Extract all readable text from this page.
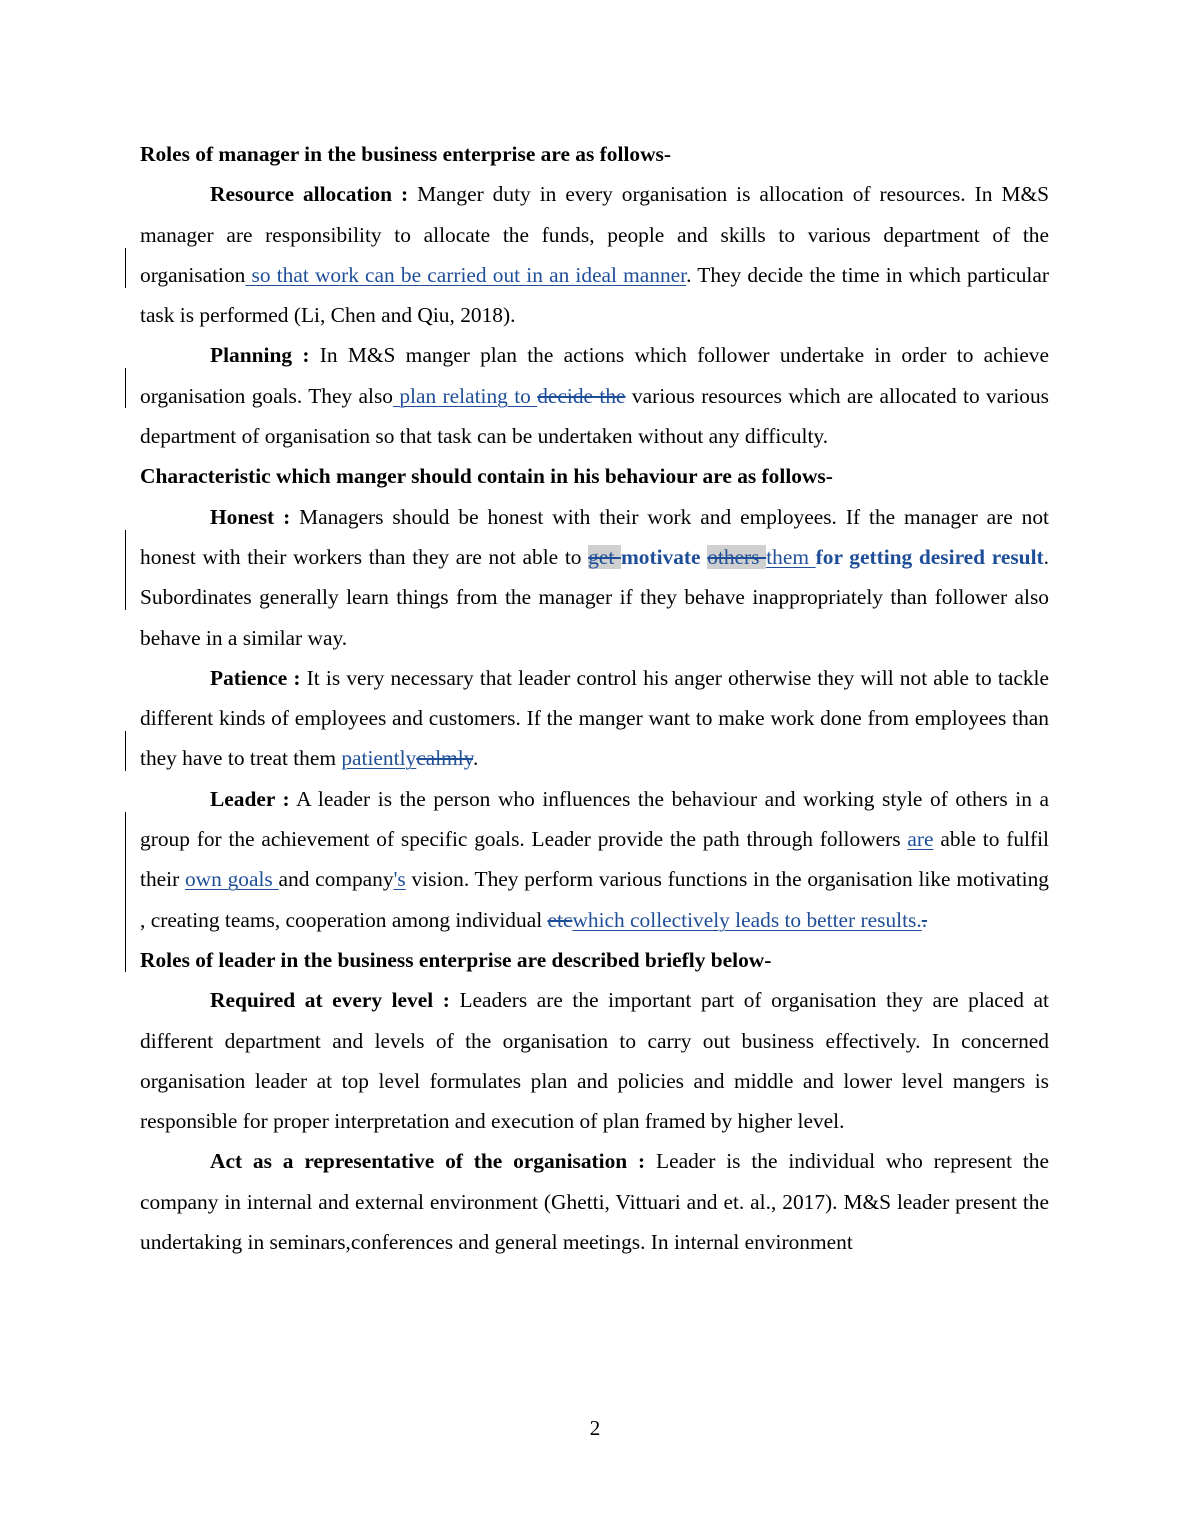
Roles of manager in the business enterprise are as follows-

Resource allocation : Manger duty in every organisation is allocation of resources. In M&S manager are responsibility to allocate the funds, people and skills to various department of the organisation so that work can be carried out in an ideal manner. They decide the time in which particular task is performed (Li, Chen and Qiu, 2018).

Planning : In M&S manger plan the actions which follower undertake in order to achieve organisation goals. They also plan relating to decide the various resources which are allocated to various department of organisation so that task can be undertaken without any difficulty.

Characteristic which manger should contain in his behaviour are as follows-

Honest : Managers should be honest with their work and employees. If the manager are not honest with their workers than they are not able to get motivate others them for getting desired result. Subordinates generally learn things from the manager if they behave inappropriately than follower also behave in a similar way.

Patience : It is very necessary that leader control his anger otherwise they will not able to tackle different kinds of employees and customers. If the manger want to make work done from employees than they have to treat them patientlycalmly.

Leader : A leader is the person who influences the behaviour and working style of others in a group for the achievement of specific goals. Leader provide the path through followers are able to fulfil their own goals and company's vision. They perform various functions in the organisation like motivating , creating teams, cooperation among individual etcwhich collectively leads to better results..

Roles of leader in the business enterprise are described briefly below-

Required at every level : Leaders are the important part of organisation they are placed at different department and levels of the organisation to carry out business effectively. In concerned organisation leader at top level formulates plan and policies and middle and lower level mangers is responsible for proper interpretation and execution of plan framed by higher level.

Act as a representative of the organisation : Leader is the individual who represent the company in internal and external environment (Ghetti, Vittuari and et. al., 2017). M&S leader present the undertaking in seminars,conferences and general meetings. In internal environment

2
